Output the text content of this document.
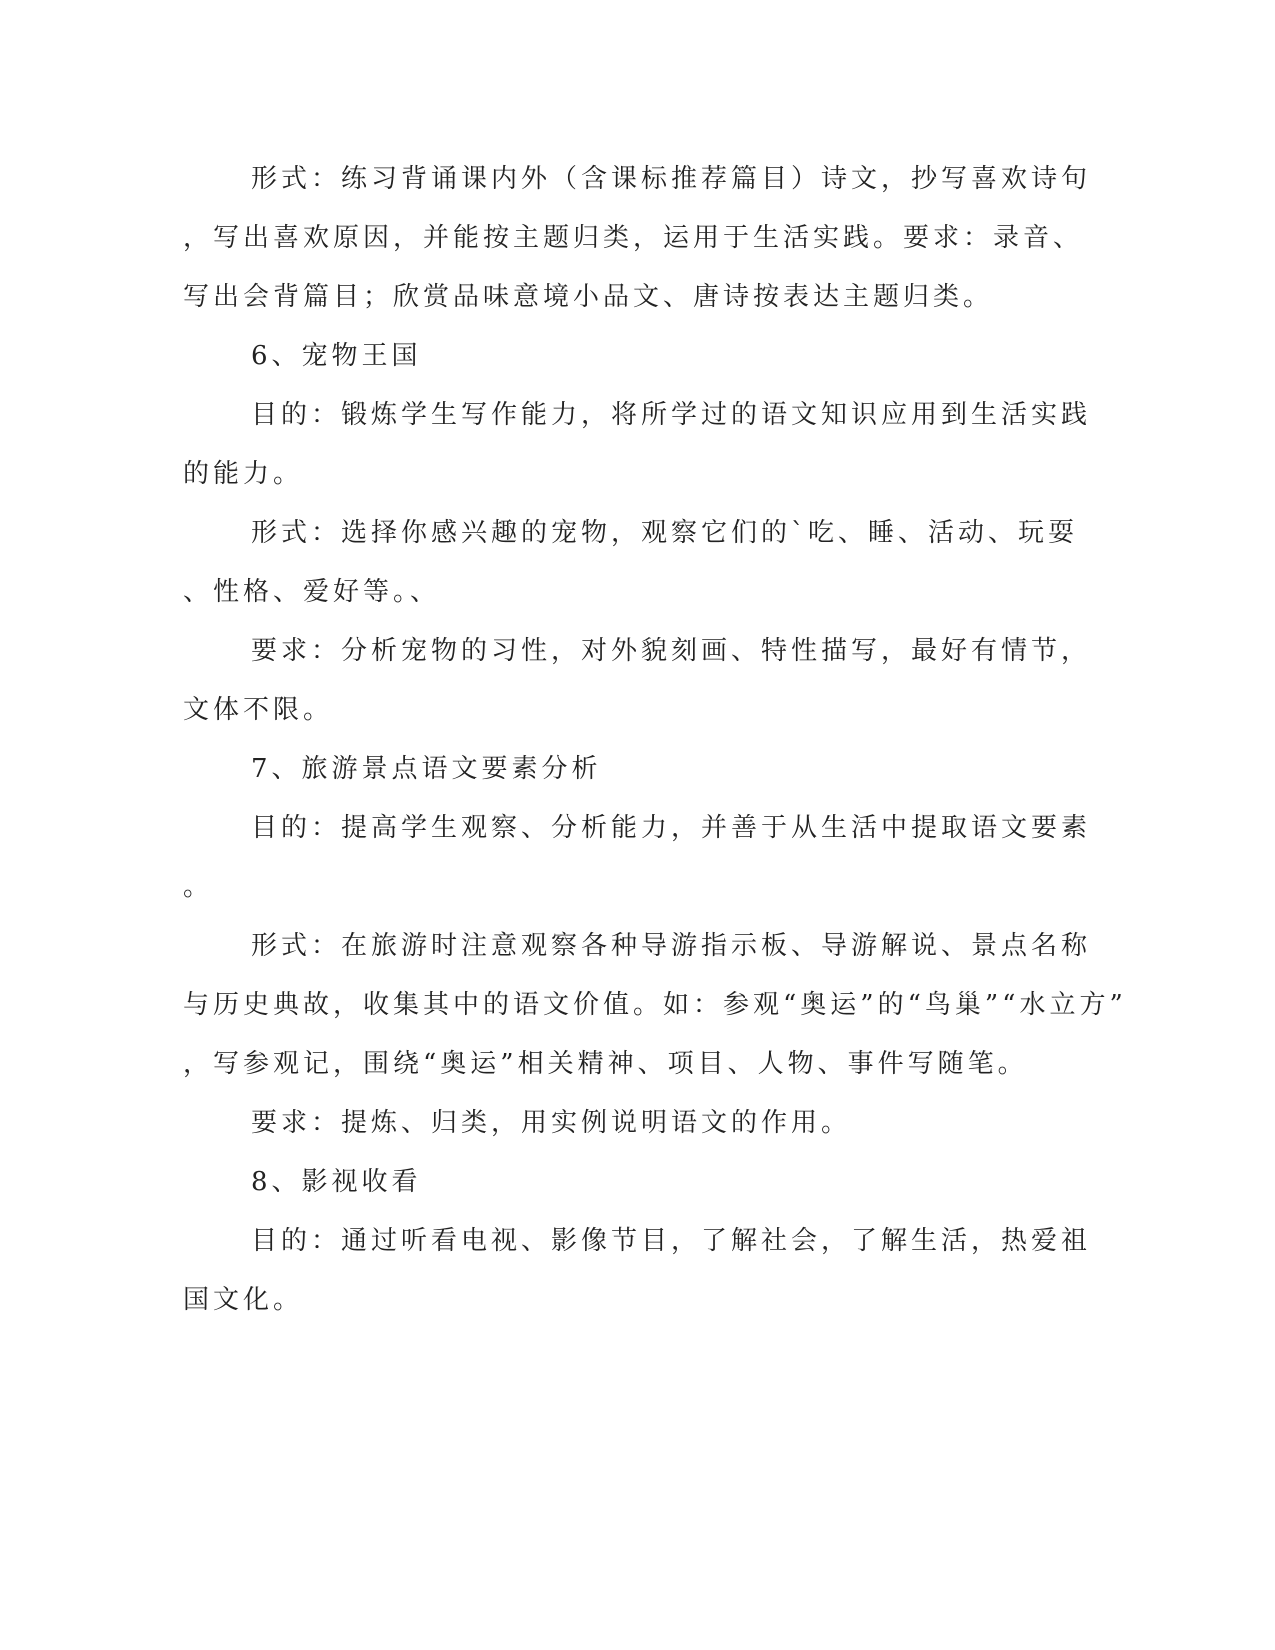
形式：练习背诵课内外（含课标推荐篇目）诗文，抄写喜欢诗句
，写出喜欢原因，并能按主题归类，运用于生活实践。要求：录音、
写出会背篇目；欣赏品味意境小品文、唐诗按表达主题归类。
6、宠物王国
目的：锻炼学生写作能力，将所学过的语文知识应用到生活实践
的能力。
形式：选择你感兴趣的宠物，观察它们的`吃、睡、活动、玩耍
、性格、爱好等。、
要求：分析宠物的习性，对外貌刻画、特性描写，最好有情节，
文体不限。
7、旅游景点语文要素分析
目的：提高学生观察、分析能力，并善于从生活中提取语文要素
。
形式：在旅游时注意观察各种导游指示板、导游解说、景点名称
与历史典故，收集其中的语文价值。如：参观“奥运”的“鸟巢”“水立方”
，写参观记，围绕“奥运”相关精神、项目、人物、事件写随笔。
要求：提炼、归类，用实例说明语文的作用。
8、影视收看
目的：通过听看电视、影像节目，了解社会，了解生活，热爱祖
国文化。
